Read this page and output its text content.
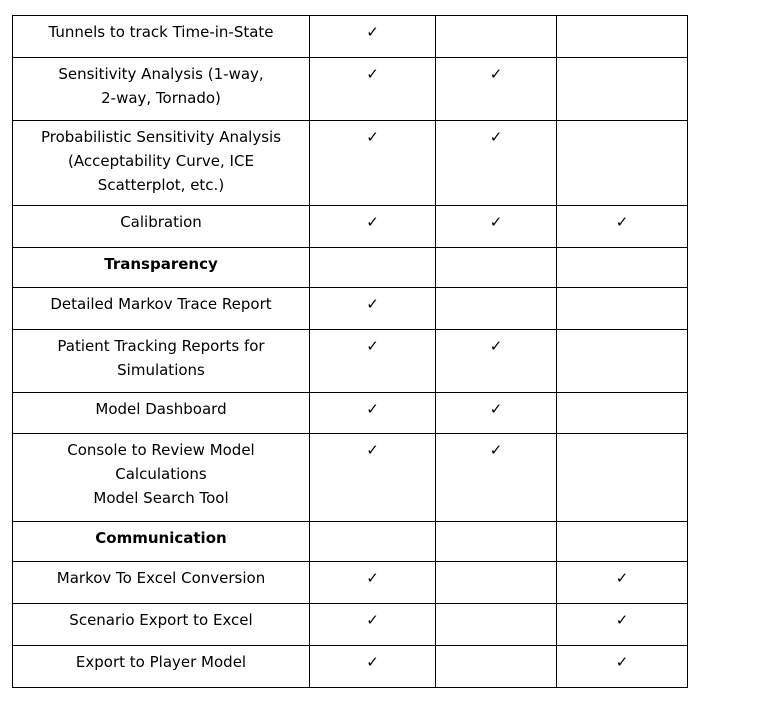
Tunnels to track Time-in-State	✓		
Sensitivity Analysis (1-way,
2-way, Tornado)	✓	✓	
Probabilistic Sensitivity Analysis
(Acceptability Curve, ICE
Scatterplot, etc.)	✓	✓	
Calibration	✓	✓	✓
Transparency			
Detailed Markov Trace Report	✓		
Patient Tracking Reports for
Simulations	✓	✓	
Model Dashboard	✓	✓	
Console to Review Model
Calculations
Model Search Tool	✓	✓	
Communication			
Markov To Excel Conversion	✓		✓
Scenario Export to Excel	✓		✓
Export to Player Model	✓		✓
